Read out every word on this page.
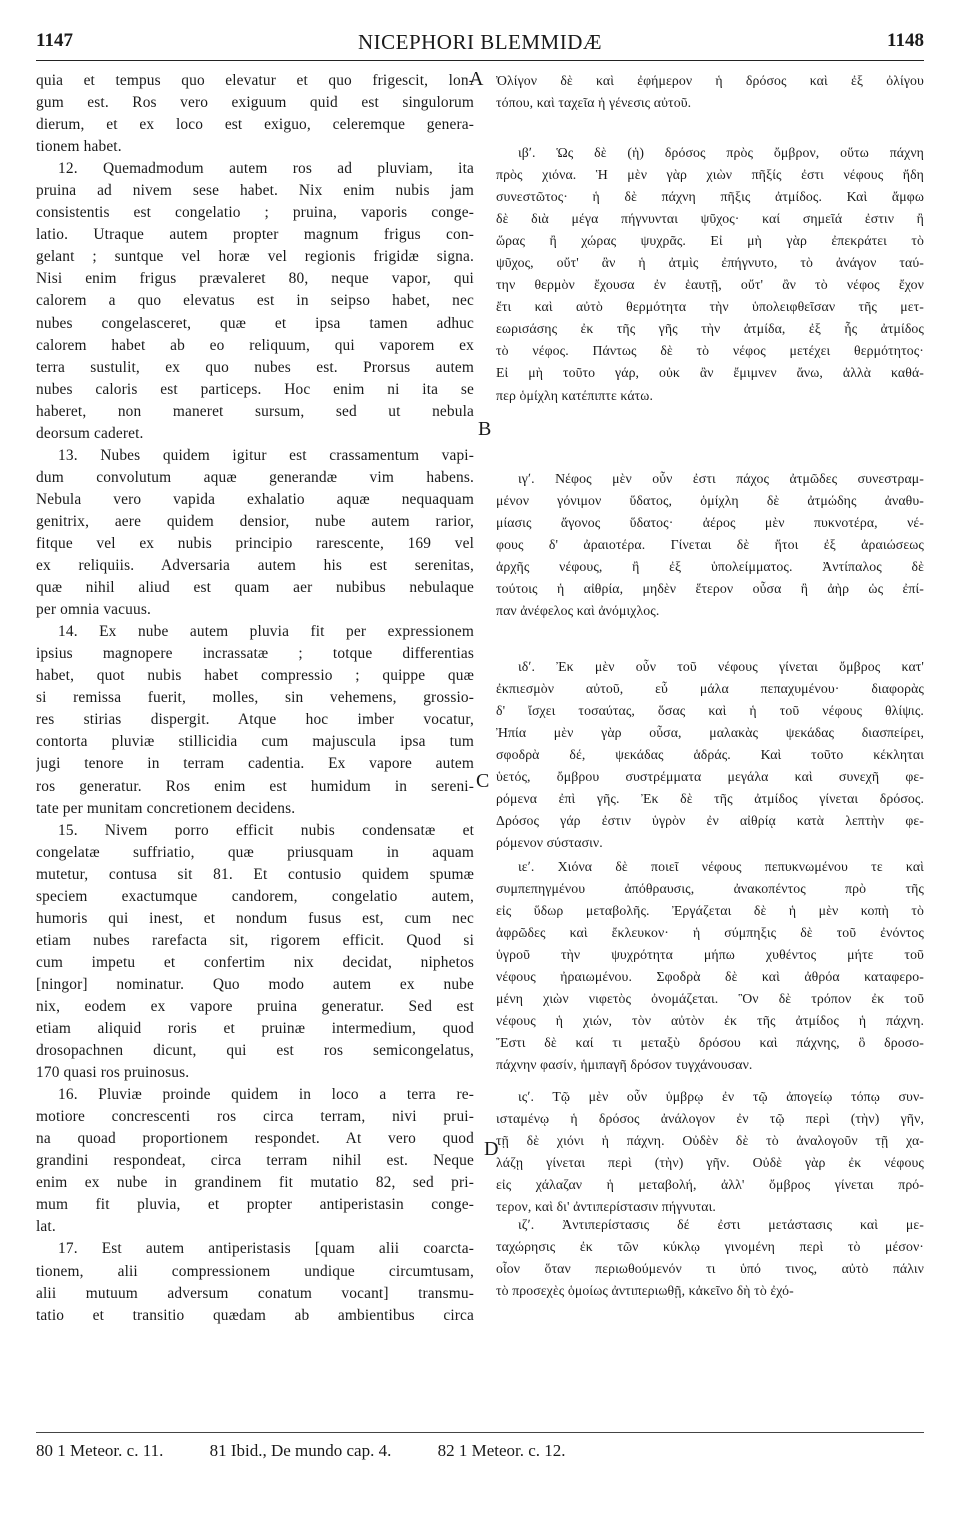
1147	NICEPHORI BLEMMIDÆ	1148
A
B
C
D
quia et tempus quo elevatur et quo frigescit, lon-
gum est. Ros vero exiguum quid est singulorum
dierum, et ex loco est exiguo, celeremque genera-
tionem habet.
12. Quemadmodum autem ros ad pluviam, ita
pruina ad nivem sese habet. Nix enim nubis jam
consistentis est congelatio ; pruina, vaporis conge-
latio. Utraque autem propter magnum frigus con-
gelant ; suntque vel horæ vel regionis frigidæ signa.
Nisi enim frigus prævaleret 80, neque vapor, qui
calorem a quo elevatus est in seipso habet, nec
nubes congelasceret, quæ et ipsa tamen adhuc
calorem habet ab eo reliquum, qui vaporem ex
terra sustulit, ex quo nubes est. Prorsus autem
nubes caloris est particeps. Hoc enim ni ita se
haberet, non maneret sursum, sed ut nebula
deorsum caderet.
13. Nubes quidem igitur est crassamentum vapi-
dum convolutum aquæ generandæ vim habens.
Nebula vero vapida exhalatio aquæ nequaquam
genitrix, aere quidem densior, nube autem rarior,
fitque vel ex nubis principio rarescente, 169 vel
ex reliquiis. Adversaria autem his est serenitas,
quæ nihil aliud est quam aer nubibus nebulaque
per omnia vacuus.
14. Ex nube autem pluvia fit per expressionem
ipsius magnopere incrassatæ ; totque differentias
habet, quot nubis habet compressio ; quippe quæ
si remissa fuerit, molles, sin vehemens, grossio-
res stirias dispergit. Atque hoc imber vocatur,
contorta pluviæ stillicidia cum majuscula ipsa tum
jugi tenore in terram cadentia. Ex vapore autem
ros generatur. Ros enim est humidum in sereni-
tate per munitam concretionem decidens.
15. Nivem porro efficit nubis condensatæ et
congelatæ suffriatio, quæ priusquam in aquam
mutetur, contusa sit 81. Et contusio quidem spumæ
speciem exactumque candorem, congelatio autem,
humoris qui inest, et nondum fusus est, cum nec
etiam nubes rarefacta sit, rigorem efficit. Quod si
cum impetu et confertim nix decidat, niphetos
[ningor] nominatur. Quo modo autem ex nube
nix, eodem ex vapore pruina generatur. Sed est
etiam aliquid roris et pruinæ intermedium, quod
drosopachnen dicunt, qui est ros semicongelatus,
170 quasi ros pruinosus.
16. Pluviæ proinde quidem in loco a terra re-
motiore concrescenti ros circa terram, nivi prui-
na quoad proportionem respondet. At vero quod
grandini respondeat, circa terram nihil est. Neque
enim ex nube in grandinem fit mutatio 82, sed pri-
mum fit pluvia, et propter antiperistasin conge-
lat.
17. Est autem antiperistasis [quam alii coarcta-
tionem, alii compressionem undique circumtusam,
alii mutuum adversum conatum vocant] transmu-
tatio et transitio quædam ab ambientibus circa
Ὀλίγον δὲ καὶ ἐφήμερον ἡ δρόσος καὶ ἐξ ὀλίγου
τόπου, καὶ ταχεῖα ἡ γένεσις αὐτοῦ.
ιβʹ. Ὡς δὲ (ἡ) δρόσος πρὸς ὄμβρον, οὕτω πάχνη
πρὸς χιόνα. Ἡ μὲν γὰρ χιὼν πῆξίς ἐστι νέφους ἤδη
συνεστῶτος· ἡ δὲ πάχνη πῆξις ἀτμίδος. Καὶ ἄμφω
δὲ διὰ μέγα πήγνυνται ψῦχος· καί σημεῖά ἐστιν ἢ
ὥρας ἢ χώρας ψυχρᾶς. Εἰ μὴ γὰρ ἐπεκράτει τὸ
ψῦχος, οὔτ' ἂν ἡ ἀτμὶς ἐπήγνυτο, τὸ ἀνάγον ταύ-
την θερμὸν ἔχουσα ἐν ἑαυτῇ, οὔτ' ἂν τὸ νέφος ἔχον
ἔτι καὶ αὐτὸ θερμότητα τὴν ὑπολειφθεῖσαν τῆς μετ-
εωρισάσης ἐκ τῆς γῆς τὴν ἀτμίδα, ἐξ ἧς ἀτμίδος
τὸ νέφος. Πάντως δὲ τὸ νέφος μετέχει θερμότητος·
Εἰ μὴ τοῦτο γάρ, οὐκ ἂν ἔμιμνεν ἄνω, ἀλλὰ καθά-
περ ὁμίχλη κατέπιπτε κάτω.
ιγʹ. Νέφος μὲν οὖν ἐστι πάχος ἀτμῶδες συνεστραμ-
μένον γόνιμον ὕδατος, ὁμίχλη δὲ ἀτμώδης ἀναθυ-
μίασις ἄγονος ὕδατος· ἀέρος μὲν πυκνοτέρα, νέ-
φους δ' ἀραιοτέρα. Γίνεται δὲ ἤτοι ἐξ ἀραιώσεως
ἀρχῆς νέφους, ἢ ἐξ ὑπολείμματος. Ἀντίπαλος δὲ
τούτοις ἡ αἰθρία, μηδὲν ἕτερον οὖσα ἢ ἀὴρ ὡς ἐπί-
παν ἀνέφελος καὶ ἀνόμιχλος.
ιδʹ. Ἐκ μὲν οὖν τοῦ νέφους γίνεται ὄμβρος κατ'
ἐκπιεσμὸν αὐτοῦ, εὖ μάλα πεπαχυμένου· διαφορὰς
δ' ἴσχει τοσαύτας, ὅσας καὶ ἡ τοῦ νέφους θλίψις.
Ἠπία μὲν γὰρ οὖσα, μαλακὰς ψεκάδας διασπείρει,
σφοδρὰ δέ, ψεκάδας ἁδράς. Καὶ τοῦτο κέκληται
ὑετός, ὄμβρου συστρέμματα μεγάλα καὶ συνεχῆ φε-
ρόμενα ἐπὶ γῆς. Ἐκ δὲ τῆς ἀτμίδος γίνεται δρόσος.
Δρόσος γάρ ἐστιν ὑγρὸν ἐν αἰθρίᾳ κατὰ λεπτὴν φε-
ρόμενον σύστασιν.
ιεʹ. Χιόνα δὲ ποιεῖ νέφους πεπυκνωμένου τε καὶ
συμπεπηγμένου ἀπόθραυσις, ἀνακοπέντος πρὸ τῆς
εἰς ὕδωρ μεταβολῆς. Ἐργάζεται δὲ ἡ μὲν κοπὴ τὸ
ἀφρῶδες καὶ ἔκλευκον· ἡ σύμπηξις δὲ τοῦ ἐνόντος
ὑγροῦ τὴν ψυχρότητα μήπω χυθέντος μήτε τοῦ
νέφους ἠραιωμένου. Σφοδρὰ δὲ καὶ ἀθρόα καταφερο-
μένη χιὼν νιφετὸς ὀνομάζεται. Ὃν δὲ τρόπον ἐκ τοῦ
νέφους ἡ χιών, τὸν αὐτὸν ἐκ τῆς ἀτμίδος ἡ πάχνη.
Ἔστι δὲ καί τι μεταξὺ δρόσου καὶ πάχνης, ὃ δροσο-
πάχνην φασίν, ἡμιπαγῆ δρόσον τυγχάνουσαν.
ιςʹ. Τῷ μὲν οὖν ὑμβρῳ ἐν τῷ ἀπογείῳ τόπῳ συν-
ισταμένῳ ἡ δρόσος ἀνάλογον ἐν τῷ περὶ (τὴν) γῆν,
τῇ δὲ χιόνι ἡ πάχνη. Οὐδὲν δὲ τὸ ἀναλογοῦν τῇ χα-
λάζῃ γίνεται περὶ (τὴν) γῆν. Οὐδὲ γὰρ ἐκ νέφους
εἰς χάλαζαν ἡ μεταβολή, ἀλλ' ὄμβρος γίνεται πρό-
τερον, καὶ δι' ἀντιπερίστασιν πήγνυται.
ιζʹ. Ἀντιπερίστασις δέ ἐστι μετάστασις καὶ με-
ταχώρησις ἐκ τῶν κύκλῳ γινομένη περὶ τὸ μέσον·
οἷον ὅταν περιωθούμενόν τι ὑπό τινος, αὐτὸ πάλιν
τὸ προσεχὲς ὁμοίως ἀντιπεριωθῇ, κἀκεῖνο δὴ τὸ ἐχό-
80 1 Meteor. c. 11.	81 Ibid., De mundo cap. 4.	82 1 Meteor. c. 12.
